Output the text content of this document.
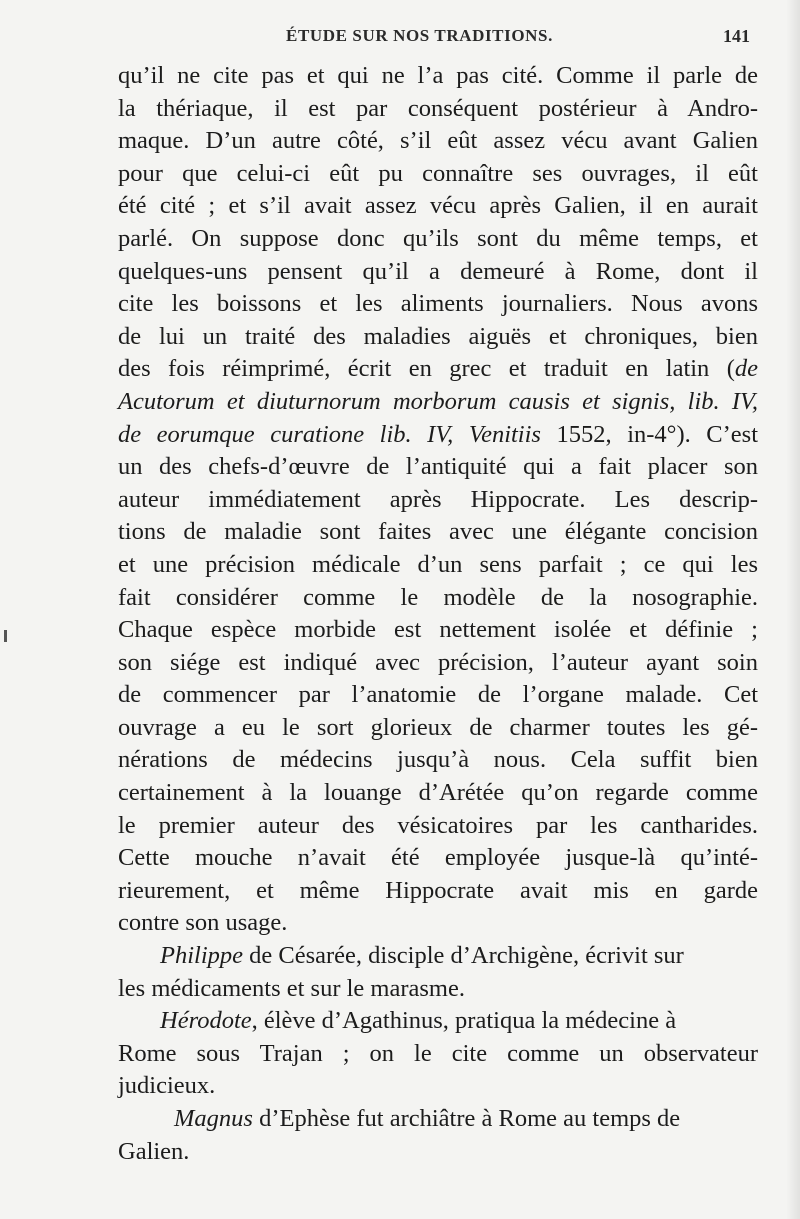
ÉTUDE SUR NOS TRADITIONS.	141
qu’il ne cite pas et qui ne l’a pas cité. Comme il parle de
la thériaque, il est par conséquent postérieur à Andro-
maque. D’un autre côté, s’il eût assez vécu avant Galien
pour que celui-ci eût pu connaître ses ouvrages, il eût
été cité ; et s’il avait assez vécu après Galien, il en aurait
parlé. On suppose donc qu’ils sont du même temps, et
quelques-uns pensent qu’il a demeuré à Rome, dont il
cite les boissons et les aliments journaliers. Nous avons
de lui un traité des maladies aiguës et chroniques, bien
des fois réimprimé, écrit en grec et traduit en latin (de
Acutorum et diuturnorum morborum causis et signis, lib. IV,
de eorumque curatione lib. IV, Venitiis 1552, in-4°). C’est
un des chefs-d’œuvre de l’antiquité qui a fait placer son
auteur immédiatement après Hippocrate. Les descrip-
tions de maladie sont faites avec une élégante concision
et une précision médicale d’un sens parfait ; ce qui les
fait considérer comme le modèle de la nosographie.
Chaque espèce morbide est nettement isolée et définie ;
son siége est indiqué avec précision, l’auteur ayant soin
de commencer par l’anatomie de l’organe malade. Cet
ouvrage a eu le sort glorieux de charmer toutes les gé-
nérations de médecins jusqu’à nous. Cela suffit bien
certainement à la louange d’Arétée qu’on regarde comme
le premier auteur des vésicatoires par les cantharides.
Cette mouche n’avait été employée jusque-là qu’inté-
rieurement, et même Hippocrate avait mis en garde
contre son usage.
Philippe de Césarée, disciple d’Archigène, écrivit sur
les médicaments et sur le marasme.
Hérodote, élève d’Agathinus, pratiqua la médecine à
Rome sous Trajan ; on le cite comme un observateur
judicieux.
Magnus d’Ephèse fut archiâtre à Rome au temps de
Galien.
